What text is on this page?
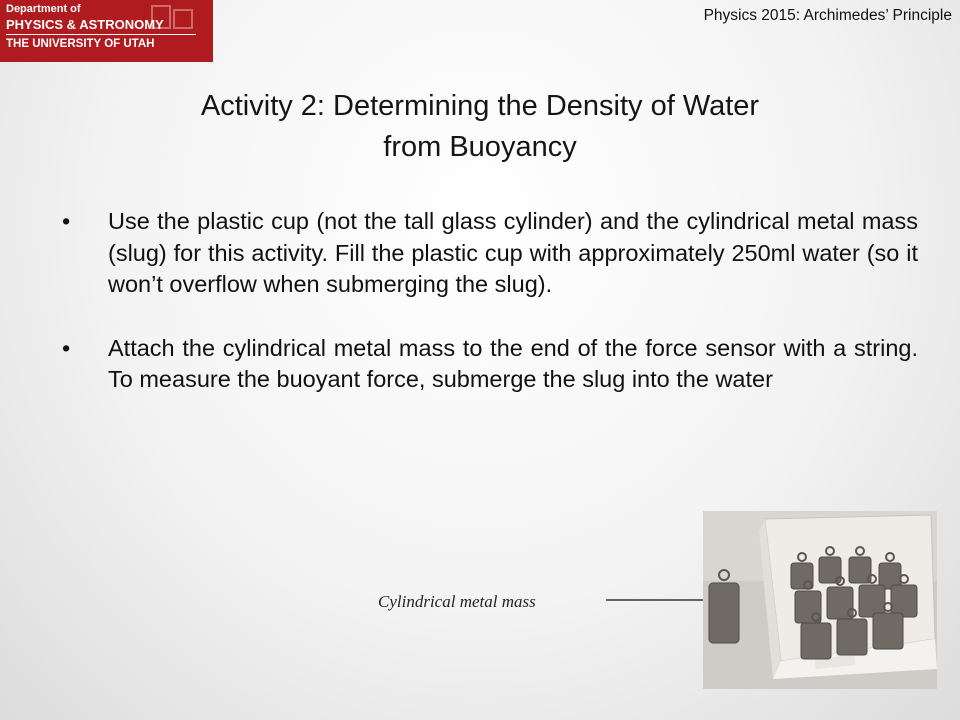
Department of
PHYSICS & ASTRONOMY
THE UNIVERSITY OF UTAH
Physics 2015: Archimedes’ Principle
Activity 2: Determining the Density of Water
from Buoyancy
• Use the plastic cup (not the tall glass cylinder) and the cylindrical metal mass (slug) for this activity. Fill the plastic cup with approximately 250ml water (so it won’t overflow when submerging the slug).
• Attach the cylindrical metal mass to the end of the force sensor with a string. To measure the buoyant force, submerge the slug into the water
Cylindrical metal mass
